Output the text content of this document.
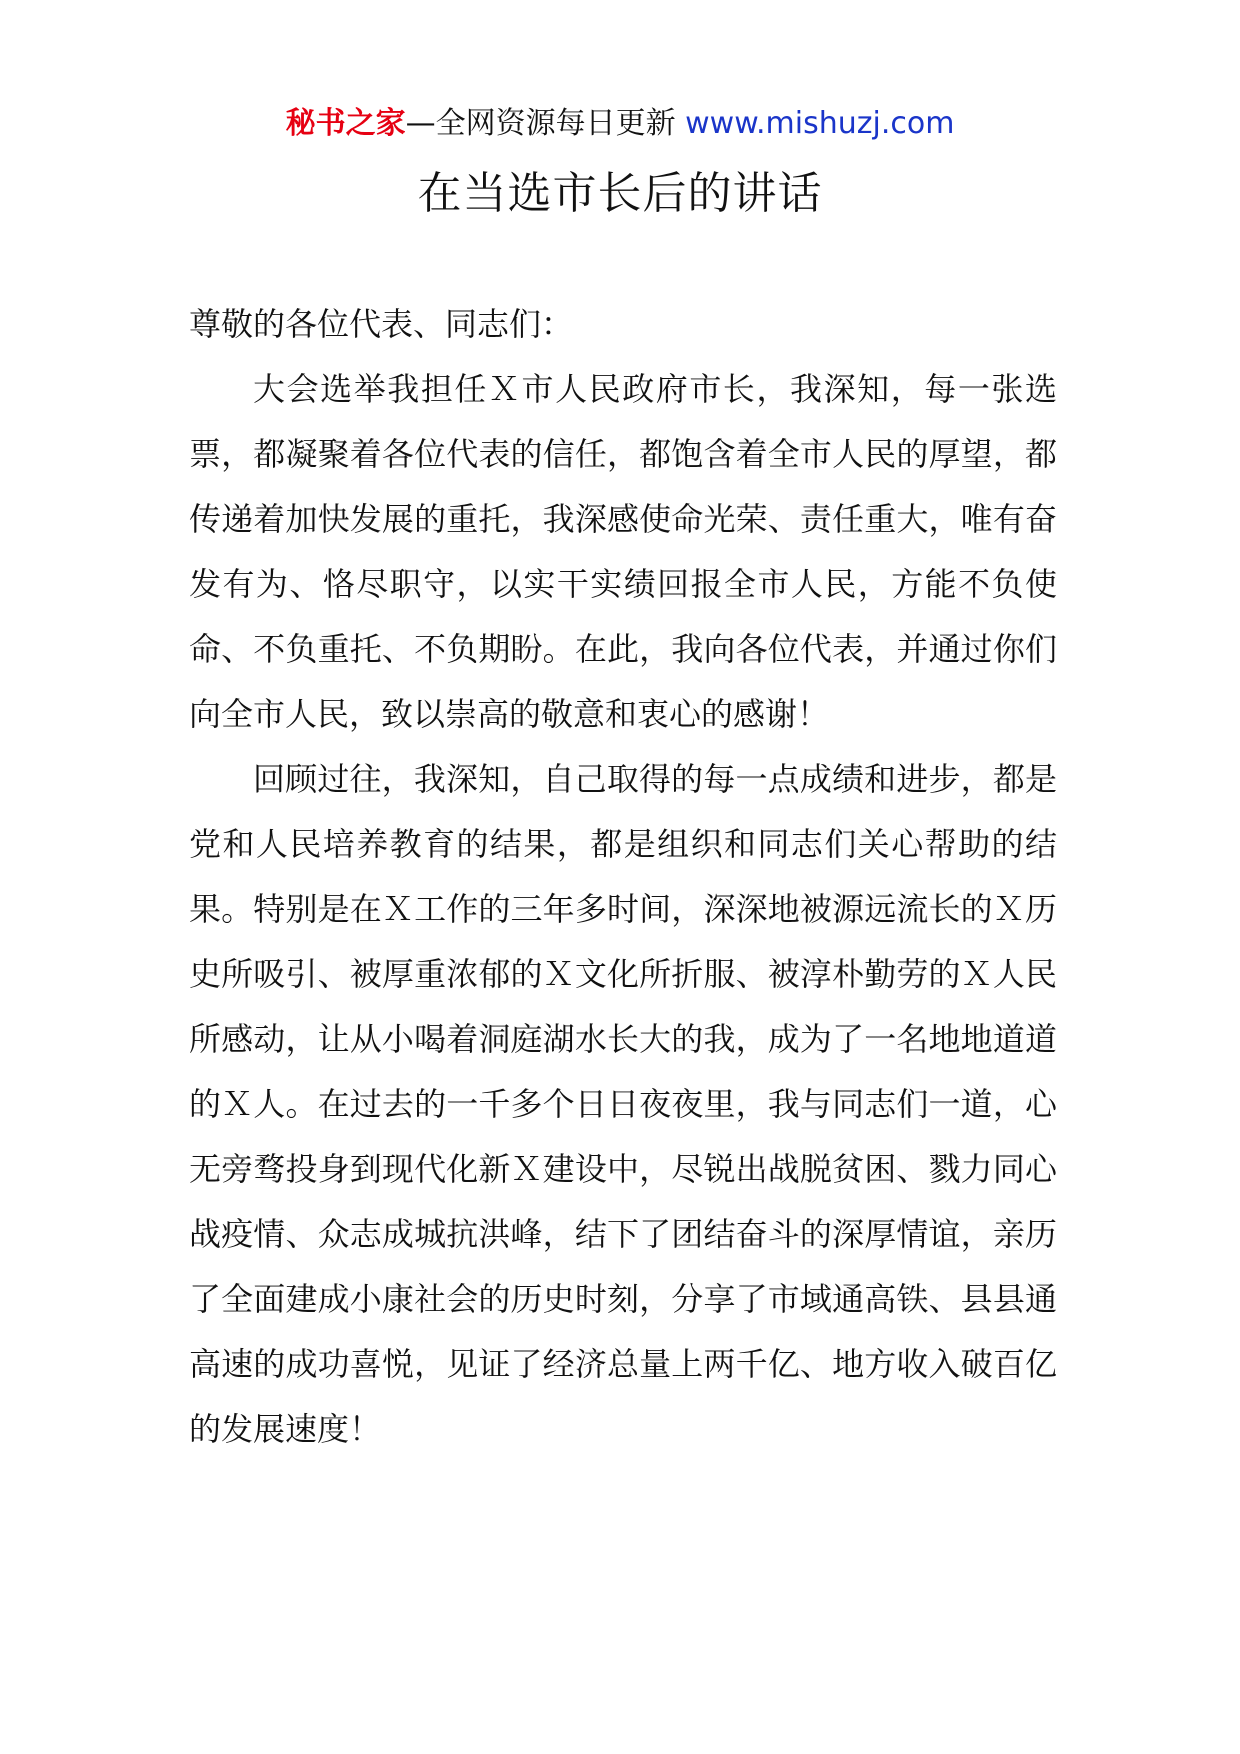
秘书之家—全网资源每日更新 www.mishuzj.com
在当选市长后的讲话

尊敬的各位代表、同志们：

大会选举我担任Ｘ市人民政府市长，我深知，每一张选票，都凝聚着各位代表的信任，都饱含着全市人民的厚望，都传递着加快发展的重托，我深感使命光荣、责任重大，唯有奋发有为、恪尽职守，以实干实绩回报全市人民，方能不负使命、不负重托、不负期盼。在此，我向各位代表，并通过你们向全市人民，致以崇高的敬意和衷心的感谢！

回顾过往，我深知，自己取得的每一点成绩和进步，都是党和人民培养教育的结果，都是组织和同志们关心帮助的结果。特别是在Ｘ工作的三年多时间，深深地被源远流长的Ｘ历史所吸引、被厚重浓郁的Ｘ文化所折服、被淳朴勤劳的Ｘ人民所感动，让从小喝着洞庭湖水长大的我，成为了一名地地道道的Ｘ人。在过去的一千多个日日夜夜里，我与同志们一道，心无旁骛投身到现代化新Ｘ建设中，尽锐出战脱贫困、戮力同心战疫情、众志成城抗洪峰，结下了团结奋斗的深厚情谊，亲历了全面建成小康社会的历史时刻，分享了市域通高铁、县县通高速的成功喜悦，见证了经济总量上两千亿、地方收入破百亿的发展速度！
